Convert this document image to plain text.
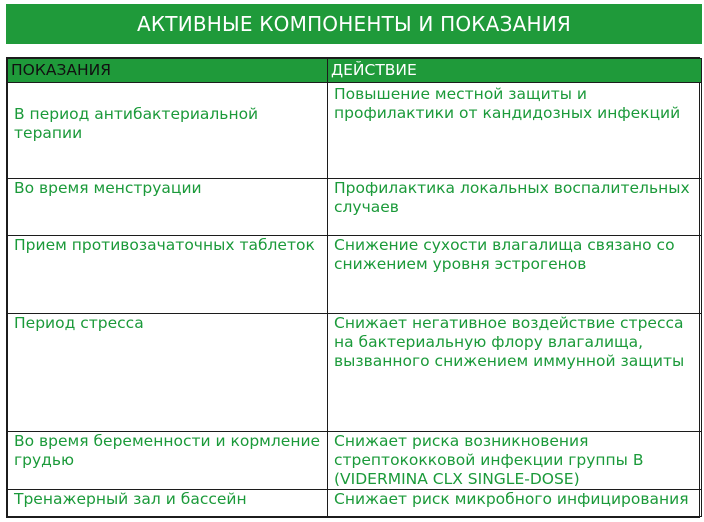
АКТИВНЫЕ КОМПОНЕНТЫ И ПОКАЗАНИЯ
ПОКАЗАНИЯ	ДЕЙСТВИЕ
В период антибактериальной терапии	Повышение местной защиты и профилактики от кандидозных инфекций
Во время менструации	Профилактика локальных воспалительных случаев
Прием противозачаточных таблеток	Снижение сухости влагалища связано со снижением уровня эстрогенов
Период стресса	Снижает негативное воздействие стресса на бактериальную флору влагалища, вызванного снижением иммунной защиты
Во время беременности и кормление грудью	Снижает риска возникновения стрептококковой инфекции группы B (VIDERMINA CLX SINGLE-DOSE)
Тренажерный зал и бассейн	Снижает риск микробного инфицирования
